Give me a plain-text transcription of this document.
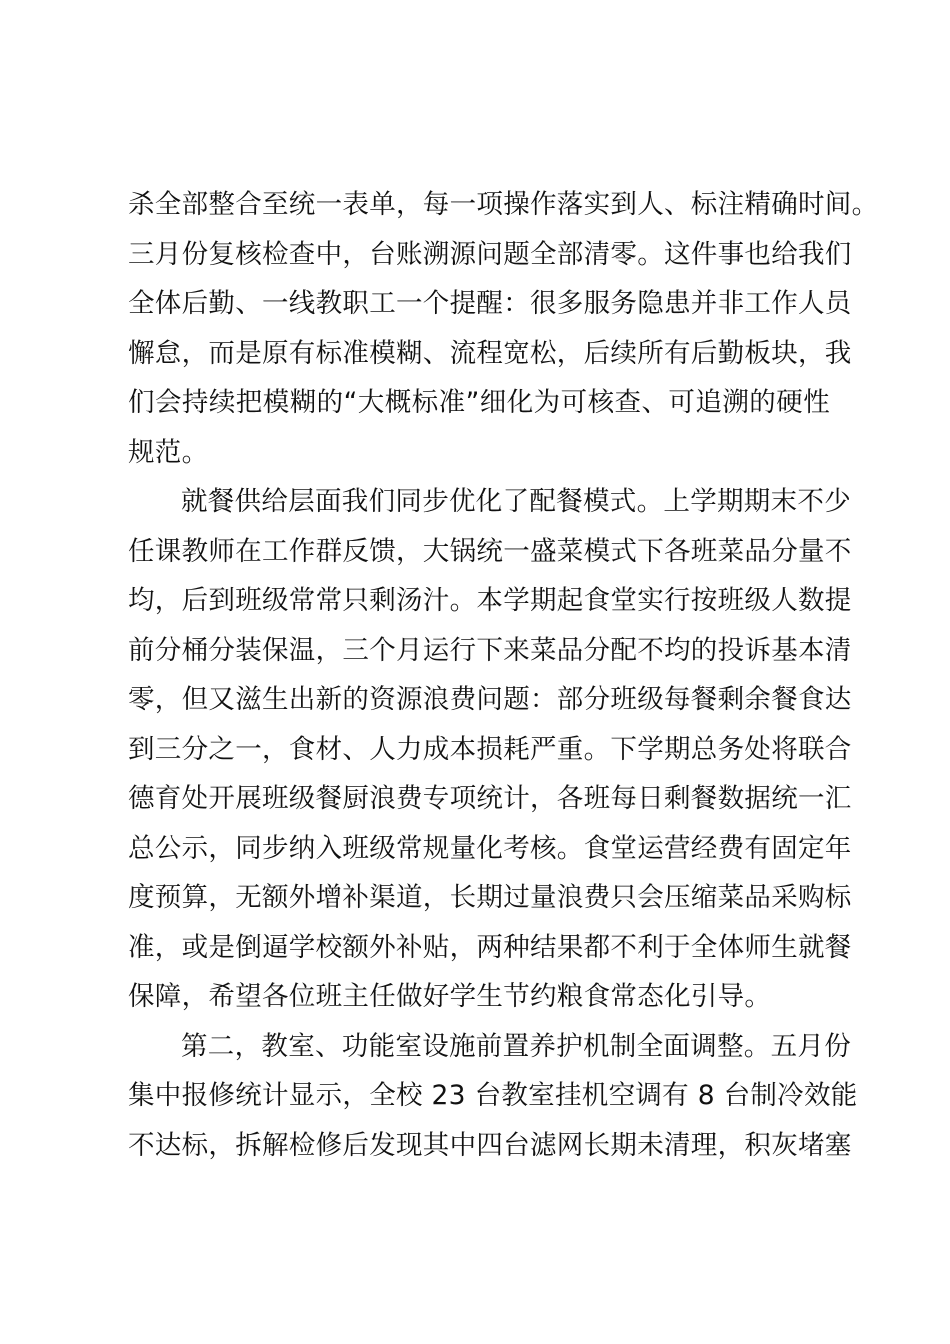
杀全部整合至统一表单，每一项操作落实到人、标注精确时间。
三月份复核检查中，台账溯源问题全部清零。这件事也给我们
全体后勤、一线教职工一个提醒：很多服务隐患并非工作人员
懈怠，而是原有标准模糊、流程宽松，后续所有后勤板块，我
们会持续把模糊的“大概标准”细化为可核查、可追溯的硬性
规范。
就餐供给层面我们同步优化了配餐模式。上学期期末不少
任课教师在工作群反馈，大锅统一盛菜模式下各班菜品分量不
均，后到班级常常只剩汤汁。本学期起食堂实行按班级人数提
前分桶分装保温，三个月运行下来菜品分配不均的投诉基本清
零，但又滋生出新的资源浪费问题：部分班级每餐剩余餐食达
到三分之一，食材、人力成本损耗严重。下学期总务处将联合
德育处开展班级餐厨浪费专项统计，各班每日剩餐数据统一汇
总公示，同步纳入班级常规量化考核。食堂运营经费有固定年
度预算，无额外增补渠道，长期过量浪费只会压缩菜品采购标
准，或是倒逼学校额外补贴，两种结果都不利于全体师生就餐
保障，希望各位班主任做好学生节约粮食常态化引导。
第二，教室、功能室设施前置养护机制全面调整。五月份
集中报修统计显示，全校 23 台教室挂机空调有 8 台制冷效能
不达标，拆解检修后发现其中四台滤网长期未清理，积灰堵塞
